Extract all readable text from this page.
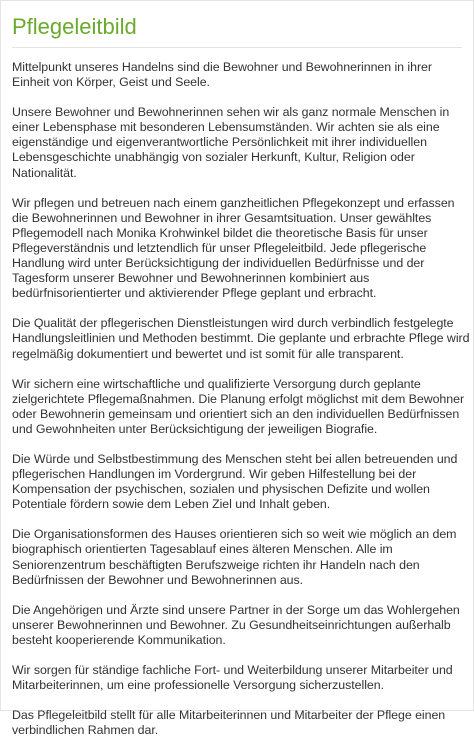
Pflegeleitbild

Mittelpunkt unseres Handelns sind die Bewohner und Bewohnerinnen in ihrer Einheit von Körper, Geist und Seele.

Unsere Bewohner und Bewohnerinnen sehen wir als ganz normale Menschen in einer Lebensphase mit besonderen Lebensumständen. Wir achten sie als eine eigenständige und eigenverantwortliche Persönlichkeit mit ihrer individuellen Lebensgeschichte unabhängig von sozialer Herkunft, Kultur, Religion oder Nationalität.

Wir pflegen und betreuen nach einem ganzheitlichen Pflegekonzept und erfassen die Bewohnerinnen und Bewohner in ihrer Gesamtsituation. Unser gewähltes Pflegemodell nach Monika Krohwinkel bildet die theoretische Basis für unser Pflegeverständnis und letztendlich für unser Pflegeleitbild. Jede pflegerische Handlung wird unter Berücksichtigung der individuellen Bedürfnisse und der Tagesform unserer Bewohner und Bewohnerinnen kombiniert aus bedürfnisorientierter und aktivierender Pflege geplant und erbracht.

Die Qualität der pflegerischen Dienstleistungen wird durch verbindlich festgelegte Handlungsleitlinien und Methoden bestimmt. Die geplante und erbrachte Pflege wird regelmäßig dokumentiert und bewertet und ist somit für alle transparent.

Wir sichern eine wirtschaftliche und qualifizierte Versorgung durch geplante zielgerichtete Pflegemaßnahmen. Die Planung erfolgt möglichst mit dem Bewohner oder Bewohnerin gemeinsam und orientiert sich an den individuellen Bedürfnissen und Gewohnheiten unter Berücksichtigung der jeweiligen Biografie.

Die Würde und Selbstbestimmung des Menschen steht bei allen betreuenden und pflegerischen Handlungen im Vordergrund. Wir geben Hilfestellung bei der Kompensation der psychischen, sozialen und physischen Defizite und wollen Potentiale fördern sowie dem Leben Ziel und Inhalt geben.

Die Organisationsformen des Hauses orientieren sich so weit wie möglich an dem biographisch orientierten Tagesablauf eines älteren Menschen. Alle im Seniorenzentrum beschäftigten Berufszweige richten ihr Handeln nach den Bedürfnissen der Bewohner und Bewohnerinnen aus.

Die Angehörigen und Ärzte sind unsere Partner in der Sorge um das Wohlergehen unserer Bewohnerinnen und Bewohner. Zu Gesundheitseinrichtungen außerhalb besteht kooperierende Kommunikation.

Wir sorgen für ständige fachliche Fort- und Weiterbildung unserer Mitarbeiter und Mitarbeiterinnen, um eine professionelle Versorgung sicherzustellen.

Das Pflegeleitbild stellt für alle Mitarbeiterinnen und Mitarbeiter der Pflege einen verbindlichen Rahmen dar.
